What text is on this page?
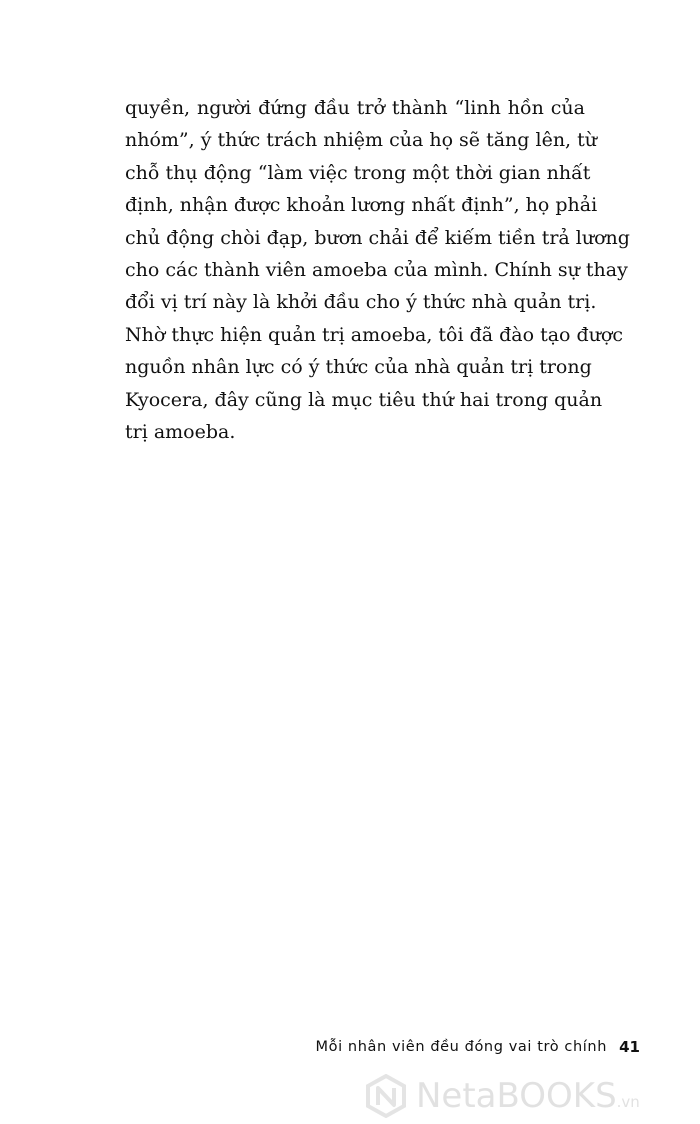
quyền, người đứng đầu trở thành “linh hồn của
nhóm”, ý thức trách nhiệm của họ sẽ tăng lên, từ
chỗ thụ động “làm việc trong một thời gian nhất
định, nhận được khoản lương nhất định”, họ phải
chủ động chòi đạp, bươn chải để kiếm tiền trả lương
cho các thành viên amoeba của mình. Chính sự thay
đổi vị trí này là khởi đầu cho ý thức nhà quản trị.
Nhờ thực hiện quản trị amoeba, tôi đã đào tạo được
nguồn nhân lực có ý thức của nhà quản trị trong
Kyocera, đây cũng là mục tiêu thứ hai trong quản
trị amoeba.
Mỗi nhân viên đều đóng vai trò chính 41
NetaBOOKS.vn
